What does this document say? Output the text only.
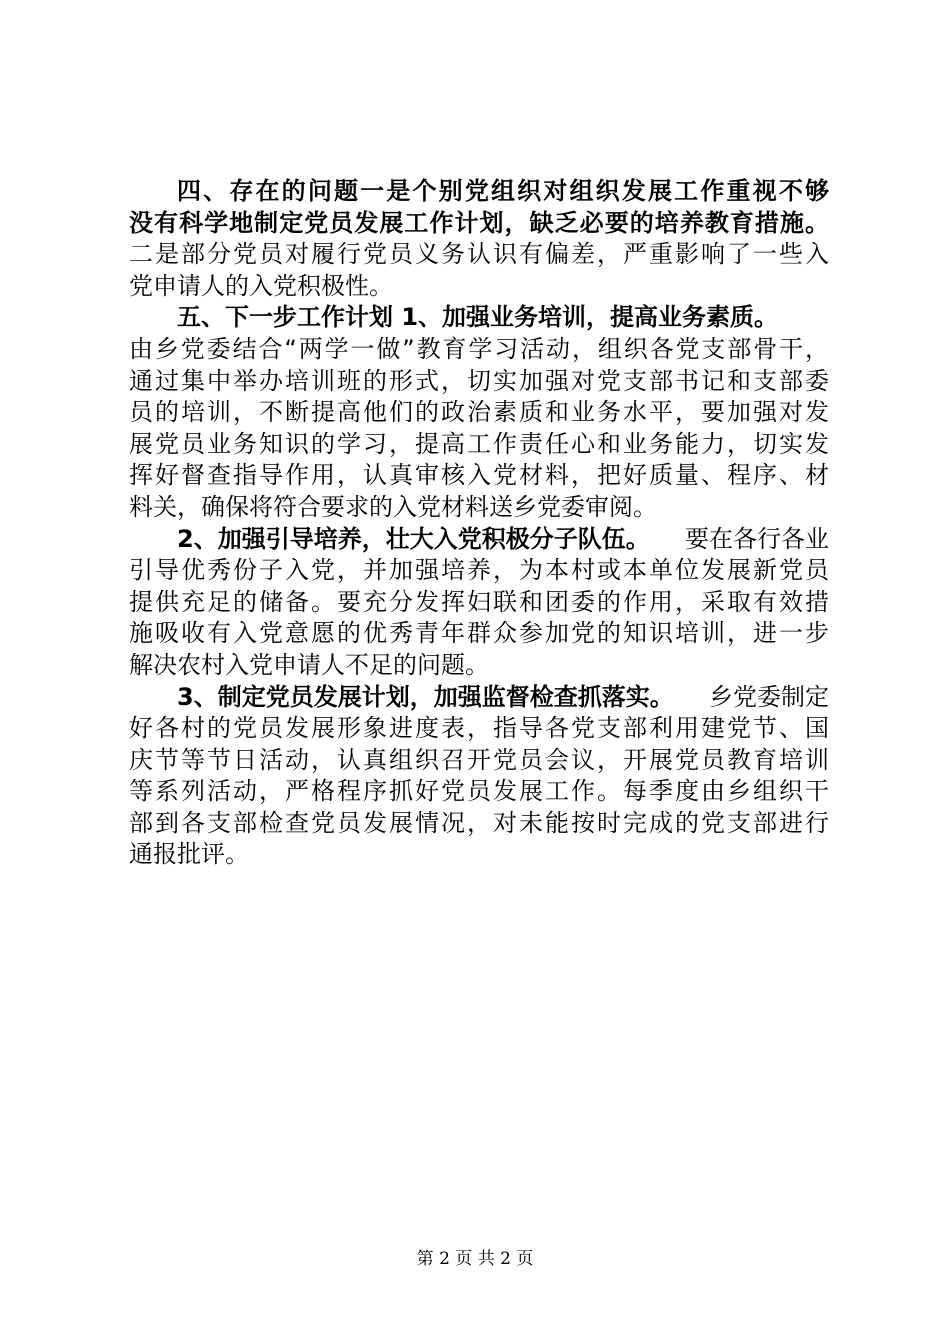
四、存在的问题一是个别党组织对组织发展工作重视不够
没有科学地制定党员发展工作计划，缺乏必要的培养教育措施。
二是部分党员对履行党员义务认识有偏差，严重影响了一些入
党申请人的入党积极性。
五、下一步工作计划 1、加强业务培训，提高业务素质。
由乡党委结合“两学一做”教育学习活动，组织各党支部骨干，
通过集中举办培训班的形式，切实加强对党支部书记和支部委
员的培训，不断提高他们的政治素质和业务水平，要加强对发
展党员业务知识的学习，提高工作责任心和业务能力，切实发
挥好督查指导作用，认真审核入党材料，把好质量、程序、材
料关，确保将符合要求的入党材料送乡党委审阅。
2、加强引导培养，壮大入党积极分子队伍。 要在各行各业
引导优秀份子入党，并加强培养，为本村或本单位发展新党员
提供充足的储备。要充分发挥妇联和团委的作用，采取有效措
施吸收有入党意愿的优秀青年群众参加党的知识培训，进一步
解决农村入党申请人不足的问题。
3、制定党员发展计划，加强监督检查抓落实。 乡党委制定
好各村的党员发展形象进度表，指导各党支部利用建党节、国
庆节等节日活动，认真组织召开党员会议，开展党员教育培训
等系列活动，严格程序抓好党员发展工作。每季度由乡组织干
部到各支部检查党员发展情况，对未能按时完成的党支部进行
通报批评。
第 2 页 共 2 页
